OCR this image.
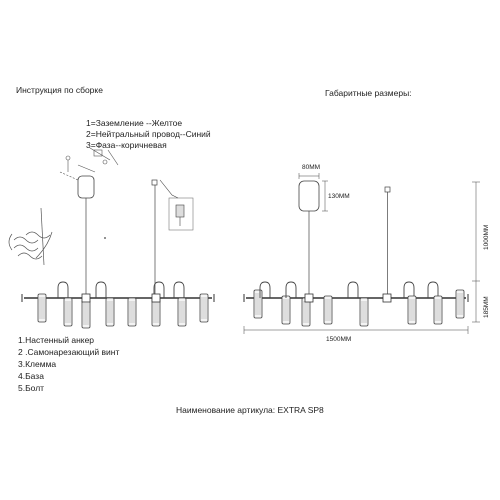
Инструкция по сборке	Габаритные размеры:
1=Заземление --Желтое
2=Нейтральный провод--Синий
3=Фаза--коричневая
1.Настенный анкер
2 .Самонарезающий винт
3.Клемма
4.База
5.Болт
Наименование артикула: EXTRA SP8
80MM
130MM
1500MM
1000MM
185MM
